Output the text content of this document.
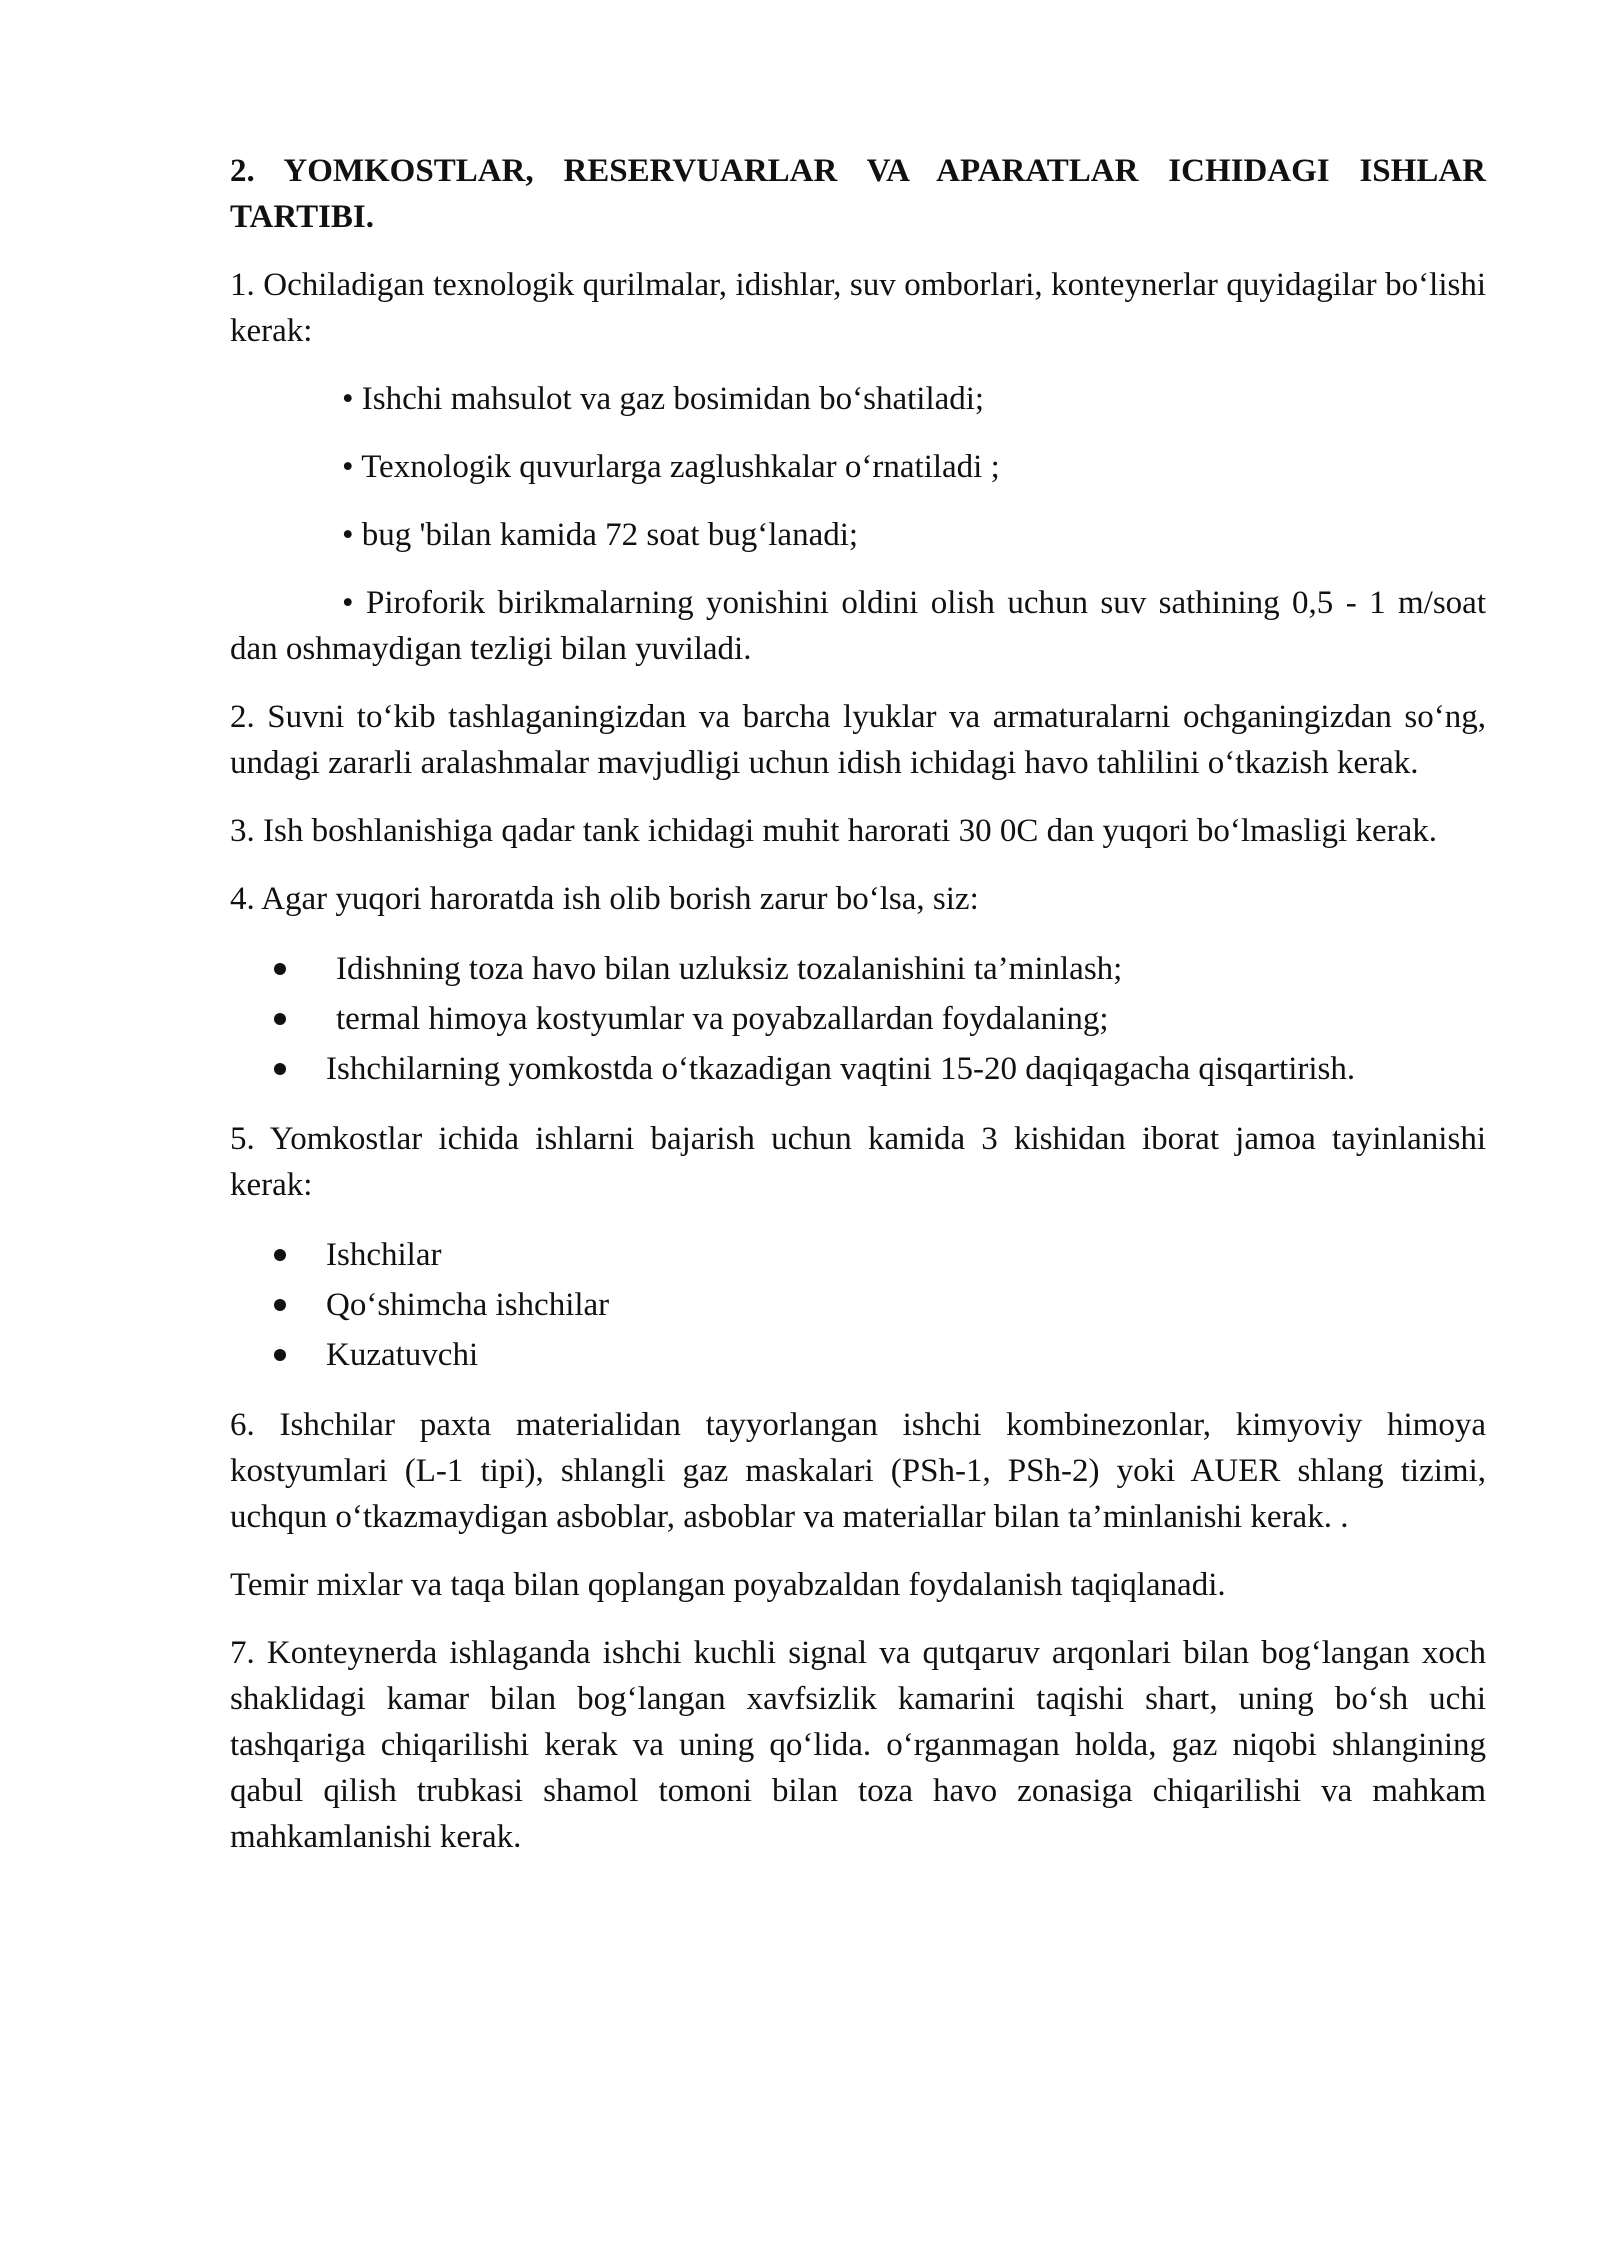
2. YOMKOSTLAR, RESERVUARLAR VA APARATLAR ICHIDAGI ISHLAR TARTIBI.

1. Ochiladigan texnologik qurilmalar, idishlar, suv omborlari, konteynerlar quyidagilar bo‘lishi kerak:

• Ishchi mahsulot va gaz bosimidan bo‘shatiladi;
• Texnologik quvurlarga zaglushkalar o‘rnatiladi ;
• bug 'bilan kamida 72 soat bug‘lanadi;

• Piroforik birikmalarning yonishini oldini olish uchun suv sathining 0,5 - 1 m/soat dan oshmaydigan tezligi bilan yuviladi.

2. Suvni to‘kib tashlaganingizdan va barcha lyuklar va armaturalarni ochganingizdan so‘ng, undagi zararli aralashmalar mavjudligi uchun idish ichidagi havo tahlilini o‘tkazish kerak.

3. Ish boshlanishiga qadar tank ichidagi muhit harorati 30 0C dan yuqori bo‘lmasligi kerak.

4. Agar yuqori haroratda ish olib borish zarur bo‘lsa, siz:

Idishning toza havo bilan uzluksiz tozalanishini ta’minlash;
termal himoya kostyumlar va poyabzallardan foydalaning;
Ishchilarning yomkostda o‘tkazadigan vaqtini 15-20 daqiqagacha qisqartirish.

5. Yomkostlar ichida ishlarni bajarish uchun kamida 3 kishidan iborat jamoa tayinlanishi kerak:

Ishchilar
Qo‘shimcha ishchilar
Kuzatuvchi

6. Ishchilar paxta materialidan tayyorlangan ishchi kombinezonlar, kimyoviy himoya kostyumlari (L-1 tipi), shlangli gaz maskalari (PSh-1, PSh-2) yoki AUER shlang tizimi, uchqun o‘tkazmaydigan asboblar, asboblar va materiallar bilan ta’minlanishi kerak. .

Temir mixlar va taqa bilan qoplangan poyabzaldan foydalanish taqiqlanadi.

7. Konteynerda ishlaganda ishchi kuchli signal va qutqaruv arqonlari bilan bog‘langan xoch shaklidagi kamar bilan bog‘langan xavfsizlik kamarini taqishi shart, uning bo‘sh uchi tashqariga chiqarilishi kerak va uning qo‘lida. o‘rganmagan holda, gaz niqobi shlangining qabul qilish trubkasi shamol tomoni bilan toza havo zonasiga chiqarilishi va mahkam mahkamlanishi kerak.
